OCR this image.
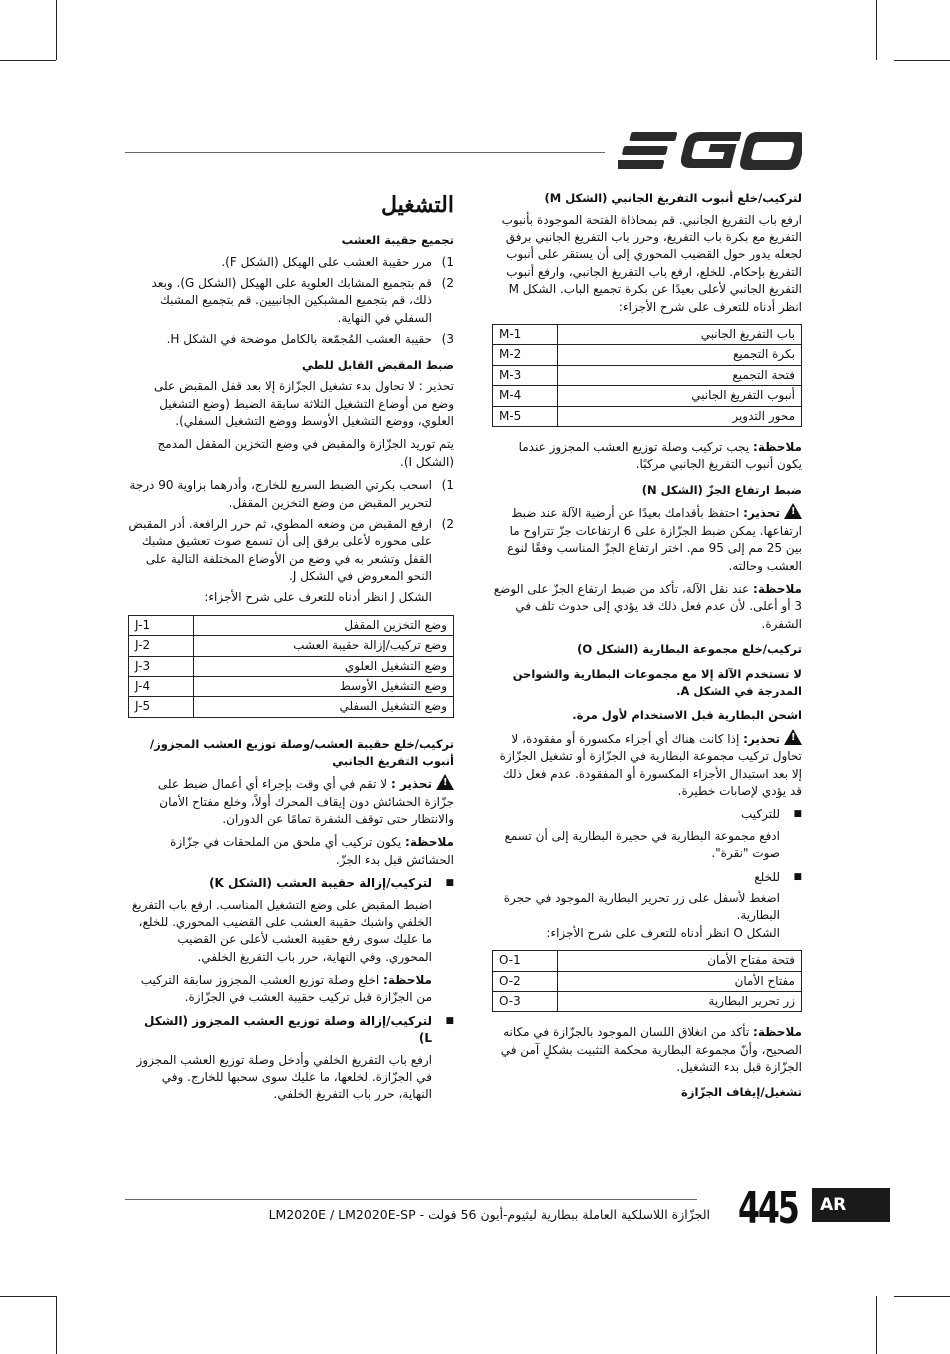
لتركيب/خلع أنبوب التفريغ الجانبي (الشكل M)

ارفع باب التفريغ الجانبي. قم بمحاذاة الفتحة الموجودة بأنبوب التفريغ مع بكرة باب التفريغ، وحرر باب التفريغ الجانبي برفق لجعله يدور حول القضيب المحوري إلى أن يستقر على أنبوب التفريغ بإحكام. للخلع، ارفع باب التفريغ الجانبي، وارفع أنبوب التفريغ الجانبي لأعلى بعيدًا عن بكرة تجميع الباب. الشكل M انظر أدناه للتعرف على شرح الأجزاء:

باب التفريغ الجانبي	M-1
بكرة التجميع	M-2
فتحة التجميع	M-3
أنبوب التفريغ الجانبي	M-4
محور التدوير	M-5

ملاحظة: يجب تركيب وصلة توزيع العشب المجزوز عندما يكون أنبوب التفريغ الجانبي مركبًا.

ضبط ارتفاع الجزّ (الشكل N)

!
تحذير: احتفظ بأقدامك بعيدًا عن أرضية الآلة عند ضبط ارتفاعها. يمكن ضبط الجزّازة على 6 ارتفاعات جزّ تتراوح ما بين 25 مم إلى 95 مم. اختر ارتفاع الجزّ المناسب وفقًا لنوع العشب وحالته.

ملاحظة: عند نقل الآلة، تأكد من ضبط ارتفاع الجزّ على الوضع 3 أو أعلى. لأن عدم فعل ذلك قد يؤدي إلى حدوث تلف في الشفرة.

تركيب/خلع مجموعة البطارية (الشكل O)
لا تستخدم الآلة إلا مع مجموعات البطارية والشواحن المدرجة في الشكل A.
اشحن البطارية قبل الاستخدام لأول مرة.

!
تحذير: إذا كانت هناك أي أجزاء مكسورة أو مفقودة، لا تحاول تركيب مجموعة البطارية في الجزّازة أو تشغيل الجزّازة إلا بعد استبدال الأجزاء المكسورة أو المفقودة. عدم فعل ذلك قد يؤدي لإصابات خطيرة.

■
للتركيب

ادفع مجموعة البطارية في حجيرة البطارية إلى أن تسمع صوت "نقرة".

■
للخلع

اضغط لأسفل على زر تحرير البطارية الموجود في حجرة البطارية.

الشكل O انظر أدناه للتعرف على شرح الأجزاء:

فتحة مفتاح الأمان	O-1
مفتاح الأمان	O-2
زر تحرير البطارية	O-3

ملاحظة: تأكد من انغلاق اللسان الموجود بالجزّازة في مكانه الصحيح، وأنّ مجموعة البطارية محكمة التثبيت بشكلٍ آمن في الجزّازة قبل بدء التشغيل.

تشغيل/إيقاف الجزّازة
التشغيل
تجميع حقيبة العشب
1)
مرر حقيبة العشب على الهيكل (الشكل F).
2)
قم بتجميع المشابك العلوية على الهيكل (الشكل G). وبعد ذلك، قم بتجميع المشبكين الجانبيين. قم بتجميع المشبك السفلي في النهاية.
3)
حقيبة العشب المُجمّعة بالكامل موضحة في الشكل H.
ضبط المقبض القابل للطي

تحذير : لا تحاول بدء تشغيل الجزّازة إلا بعد قفل المقبض على وضع من أوضاع التشغيل الثلاثة سابقة الضبط (وضع التشغيل العلوي، ووضع التشغيل الأوسط ووضع التشغيل السفلي).

يتم توريد الجزّازة والمقبض في وضع التخزين المقفل المدمج (الشكل I).

1)
اسحب بكرتي الضبط السريع للخارج، وأدرهما بزاوية 90 درجة لتحرير المقبض من وضع التخزين المقفل.
2)
ارفع المقبض من وضعه المطوي، ثم حرر الرافعة. أدر المقبض على محوره لأعلى برفق إلى أن تسمع صوت تعشيق مشبك القفل وتشعر به في وضع من الأوضاع المختلفة التالية على النحو المعروض في الشكل J.

الشكل J انظر أدناه للتعرف على شرح الأجزاء:

وضع التخزين المقفل	J-1
وضع تركيب/إزالة حقيبة العشب	J-2
وضع التشغيل العلوي	J-3
وضع التشغيل الأوسط	J-4
وضع التشغيل السفلي	J-5
تركيب/خلع حقيبة العشب/وصلة توزيع العشب المجزوز/أنبوب التفريغ الجانبي

!
تحذير : لا تقم في أي وقت بإجراء أي أعمال ضبط على جزّازة الحشائش دون إيقاف المحرك أولاً، وخلع مفتاح الأمان والانتظار حتى توقف الشفرة تمامًا عن الدوران.

ملاحظة: يكون تركيب أي ملحق من الملحقات في جزّازة الحشائش قبل بدء الجزّ.

■
لتركيب/إزالة حقيبة العشب (الشكل K)

اضبط المقبض على وضع التشغيل المناسب. ارفع باب التفريغ الخلفي واشبك حقيبة العشب على القضيب المحوري. للخلع، ما عليك سوى رفع حقيبة العشب لأعلى عن القضيب المحوري. وفي النهاية، حرر باب التفريغ الخلفي.

ملاحظة: اخلع وصلة توزيع العشب المجزوز سابقة التركيب من الجزّازة قبل تركيب حقيبة العشب في الجزّازة.

■
لتركيب/إزالة وصلة توزيع العشب المجزوز (الشكل L)

ارفع باب التفريغ الخلفي وأدخل وصلة توزيع العشب المجزوز في الجزّازة. لخلعها، ما عليك سوى سحبها للخارج. وفي النهاية، حرر باب التفريغ الخلفي.

الجزّازة اللاسلكية العاملة ببطارية ليثيوم-أيون 56 فولت - LM2020E / LM2020E-SP 445	AR
